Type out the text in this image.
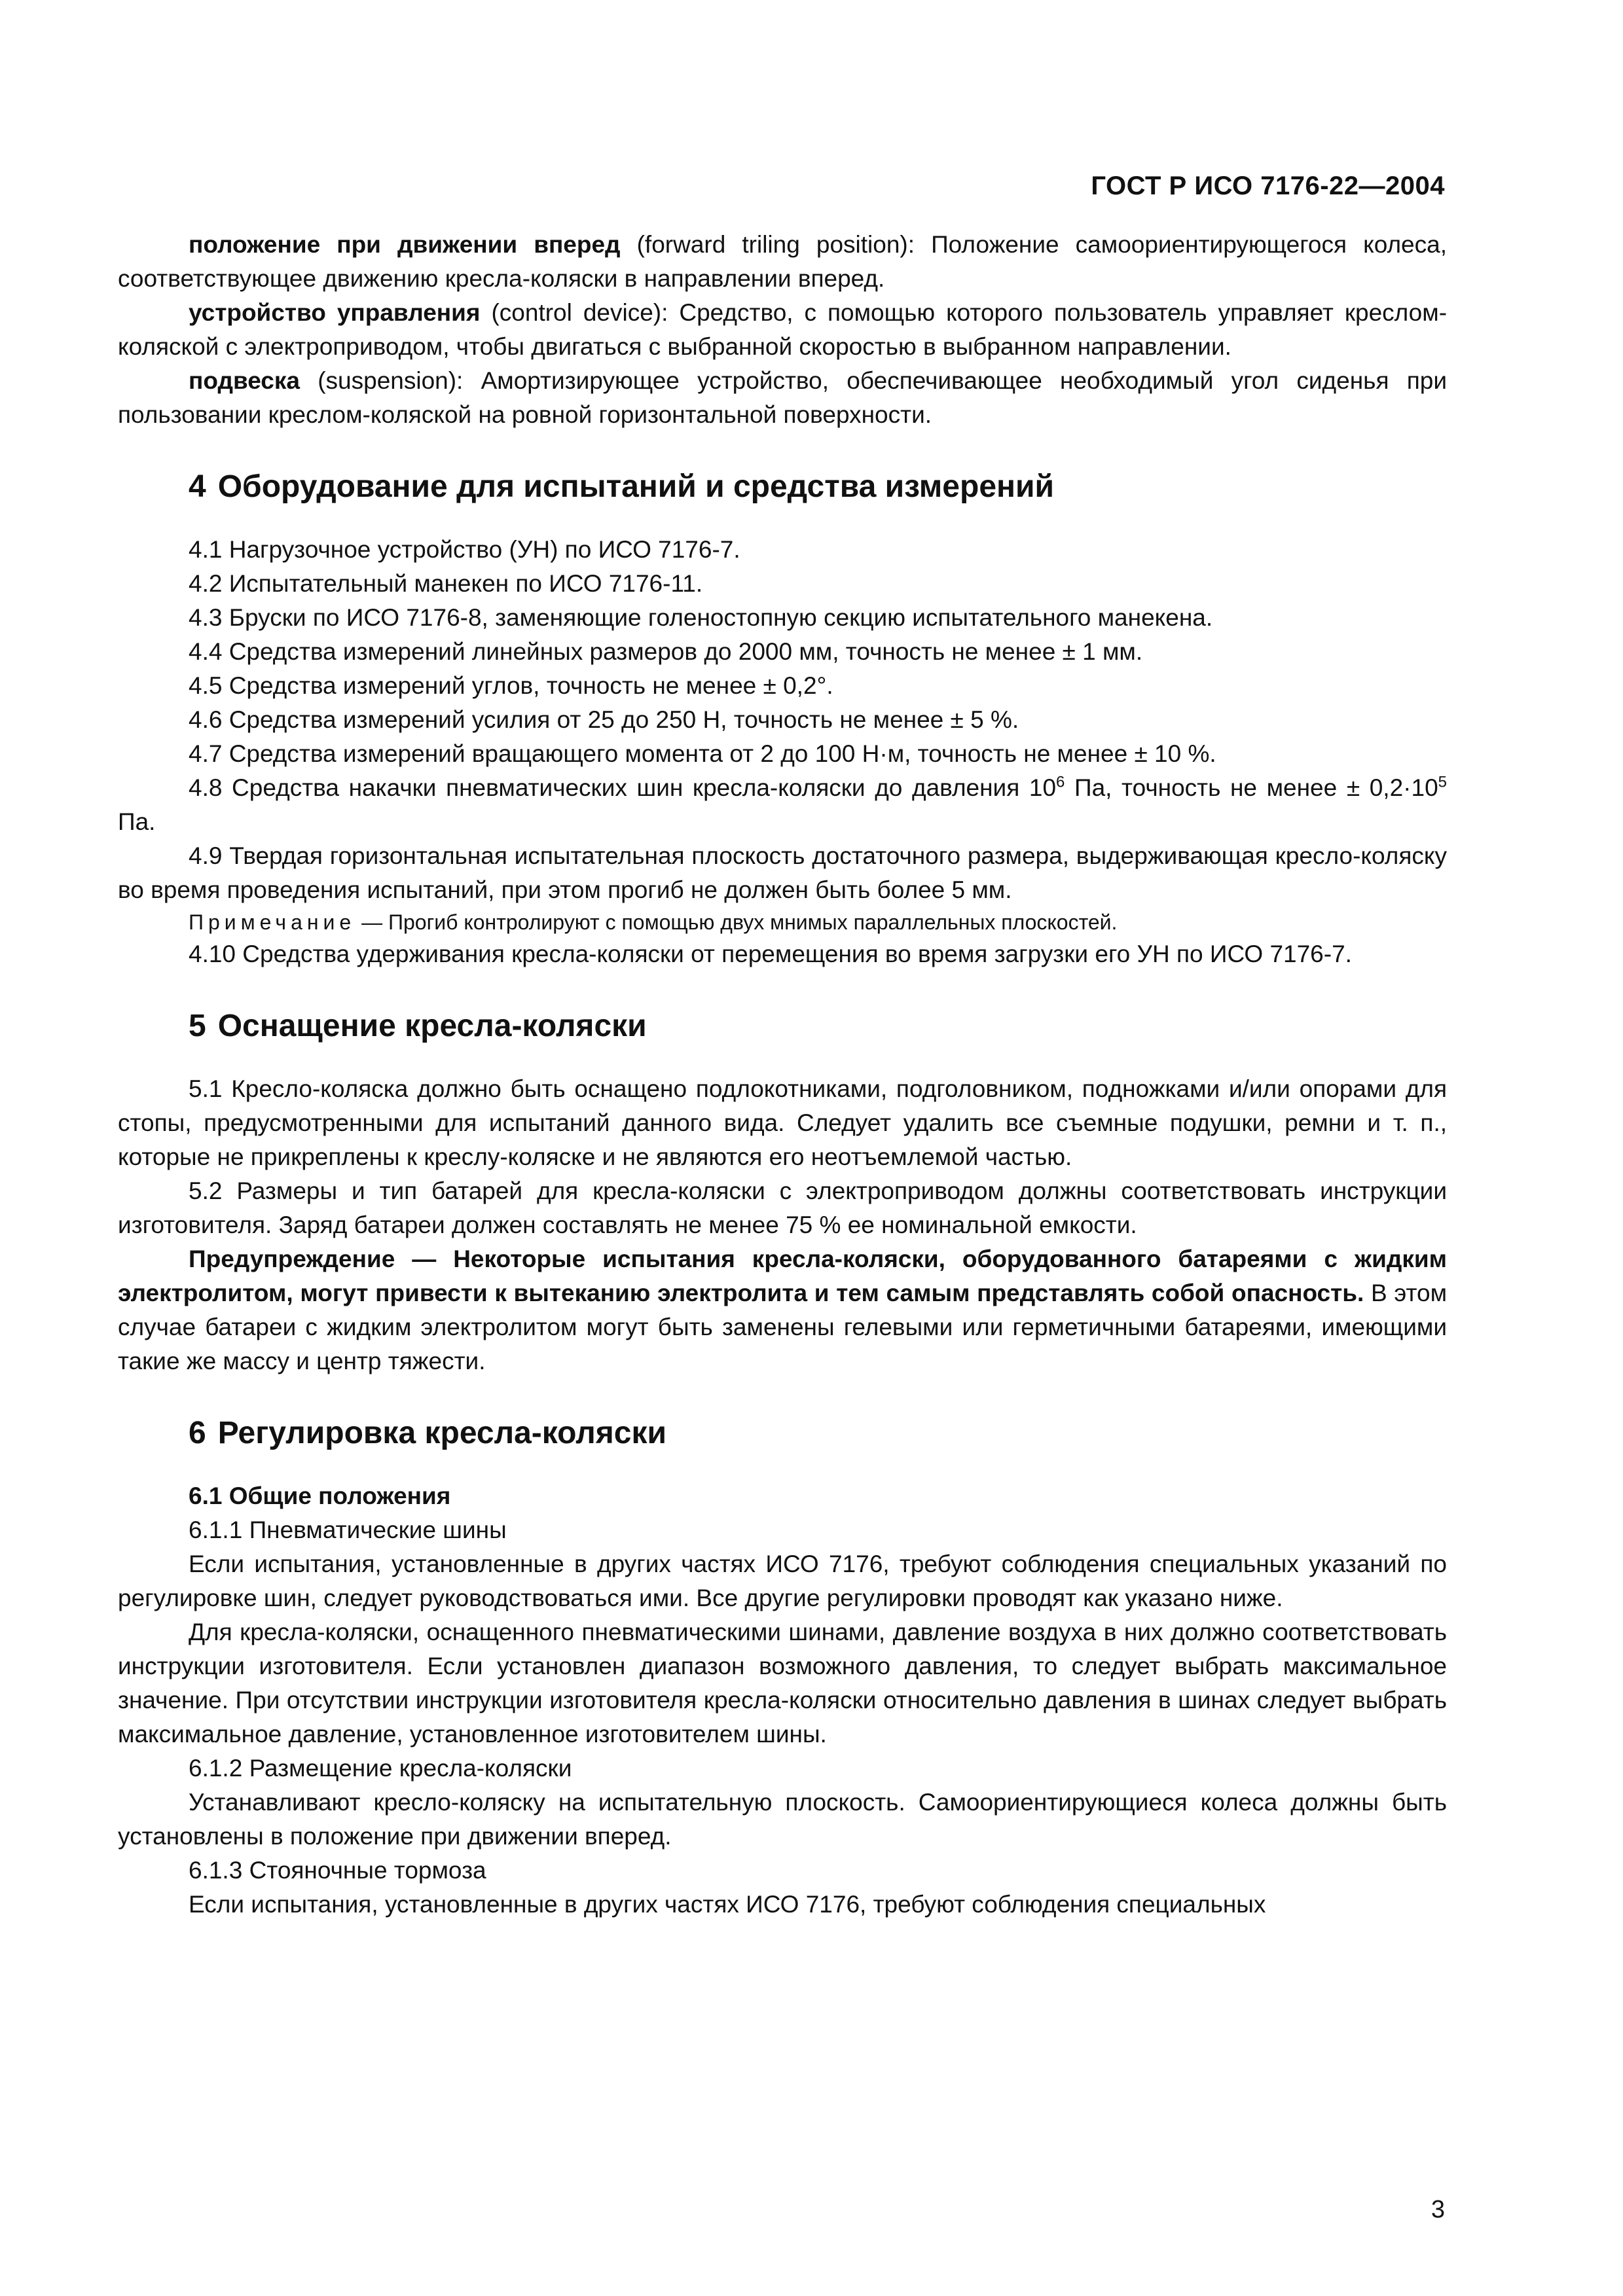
ГОСТ Р ИСО 7176-22—2004

положение при движении вперед (forward triling position): Положение самоориентирующегося колеса, соответствующее движению кресла-коляски в направлении вперед.

устройство управления (control device): Средство, с помощью которого пользователь управляет креслом-коляской с электроприводом, чтобы двигаться с выбранной скоростью в выбранном направлении.

подвеска (suspension): Амортизирующее устройство, обеспечивающее необходимый угол сиденья при пользовании креслом-коляской на ровной горизонтальной поверхности.

4 Оборудование для испытаний и средства измерений

4.1 Нагрузочное устройство (УН) по ИСО 7176-7.

4.2 Испытательный манекен по ИСО 7176-11.

4.3 Бруски по ИСО 7176-8, заменяющие голеностопную секцию испытательного манекена.

4.4 Средства измерений линейных размеров до 2000 мм, точность не менее ± 1 мм.

4.5 Средства измерений углов, точность не менее ± 0,2°.

4.6 Средства измерений усилия от 25 до 250 Н, точность не менее ± 5 %.

4.7 Средства измерений вращающего момента от 2 до 100 Н·м, точность не менее ± 10 %.

4.8 Средства накачки пневматических шин кресла-коляски до давления $10^6$ Па, точность не менее ± $0,2\cdot 10^5$ Па.

4.9 Твердая горизонтальная испытательная плоскость достаточного размера, выдерживающая кресло-коляску во время проведения испытаний, при этом прогиб не должен быть более 5 мм.

Примечание — Прогиб контролируют с помощью двух мнимых параллельных плоскостей.

4.10 Средства удерживания кресла-коляски от перемещения во время загрузки его УН по ИСО 7176-7.

5 Оснащение кресла-коляски

5.1 Кресло-коляска должно быть оснащено подлокотниками, подголовником, подножками и/или опорами для стопы, предусмотренными для испытаний данного вида. Следует удалить все съемные подушки, ремни и т. п., которые не прикреплены к креслу-коляске и не являются его неотъемлемой частью.

5.2 Размеры и тип батарей для кресла-коляски с электроприводом должны соответствовать инструкции изготовителя. Заряд батареи должен составлять не менее 75 % ее номинальной емкости.

Предупреждение — Некоторые испытания кресла-коляски, оборудованного батареями с жидким электролитом, могут привести к вытеканию электролита и тем самым представлять собой опасность. В этом случае батареи с жидким электролитом могут быть заменены гелевыми или герметичными батареями, имеющими такие же массу и центр тяжести.

6 Регулировка кресла-коляски

6.1 Общие положения

6.1.1 Пневматические шины

Если испытания, установленные в других частях ИСО 7176, требуют соблюдения специальных указаний по регулировке шин, следует руководствоваться ими. Все другие регулировки проводят как указано ниже.

Для кресла-коляски, оснащенного пневматическими шинами, давление воздуха в них должно соответствовать инструкции изготовителя. Если установлен диапазон возможного давления, то следует выбрать максимальное значение. При отсутствии инструкции изготовителя кресла-коляски относительно давления в шинах следует выбрать максимальное давление, установленное изготовителем шины.

6.1.2 Размещение кресла-коляски

Устанавливают кресло-коляску на испытательную плоскость. Самоориентирующиеся колеса должны быть установлены в положение при движении вперед.

6.1.3 Стояночные тормоза

Если испытания, установленные в других частях ИСО 7176, требуют соблюдения специальных

3
